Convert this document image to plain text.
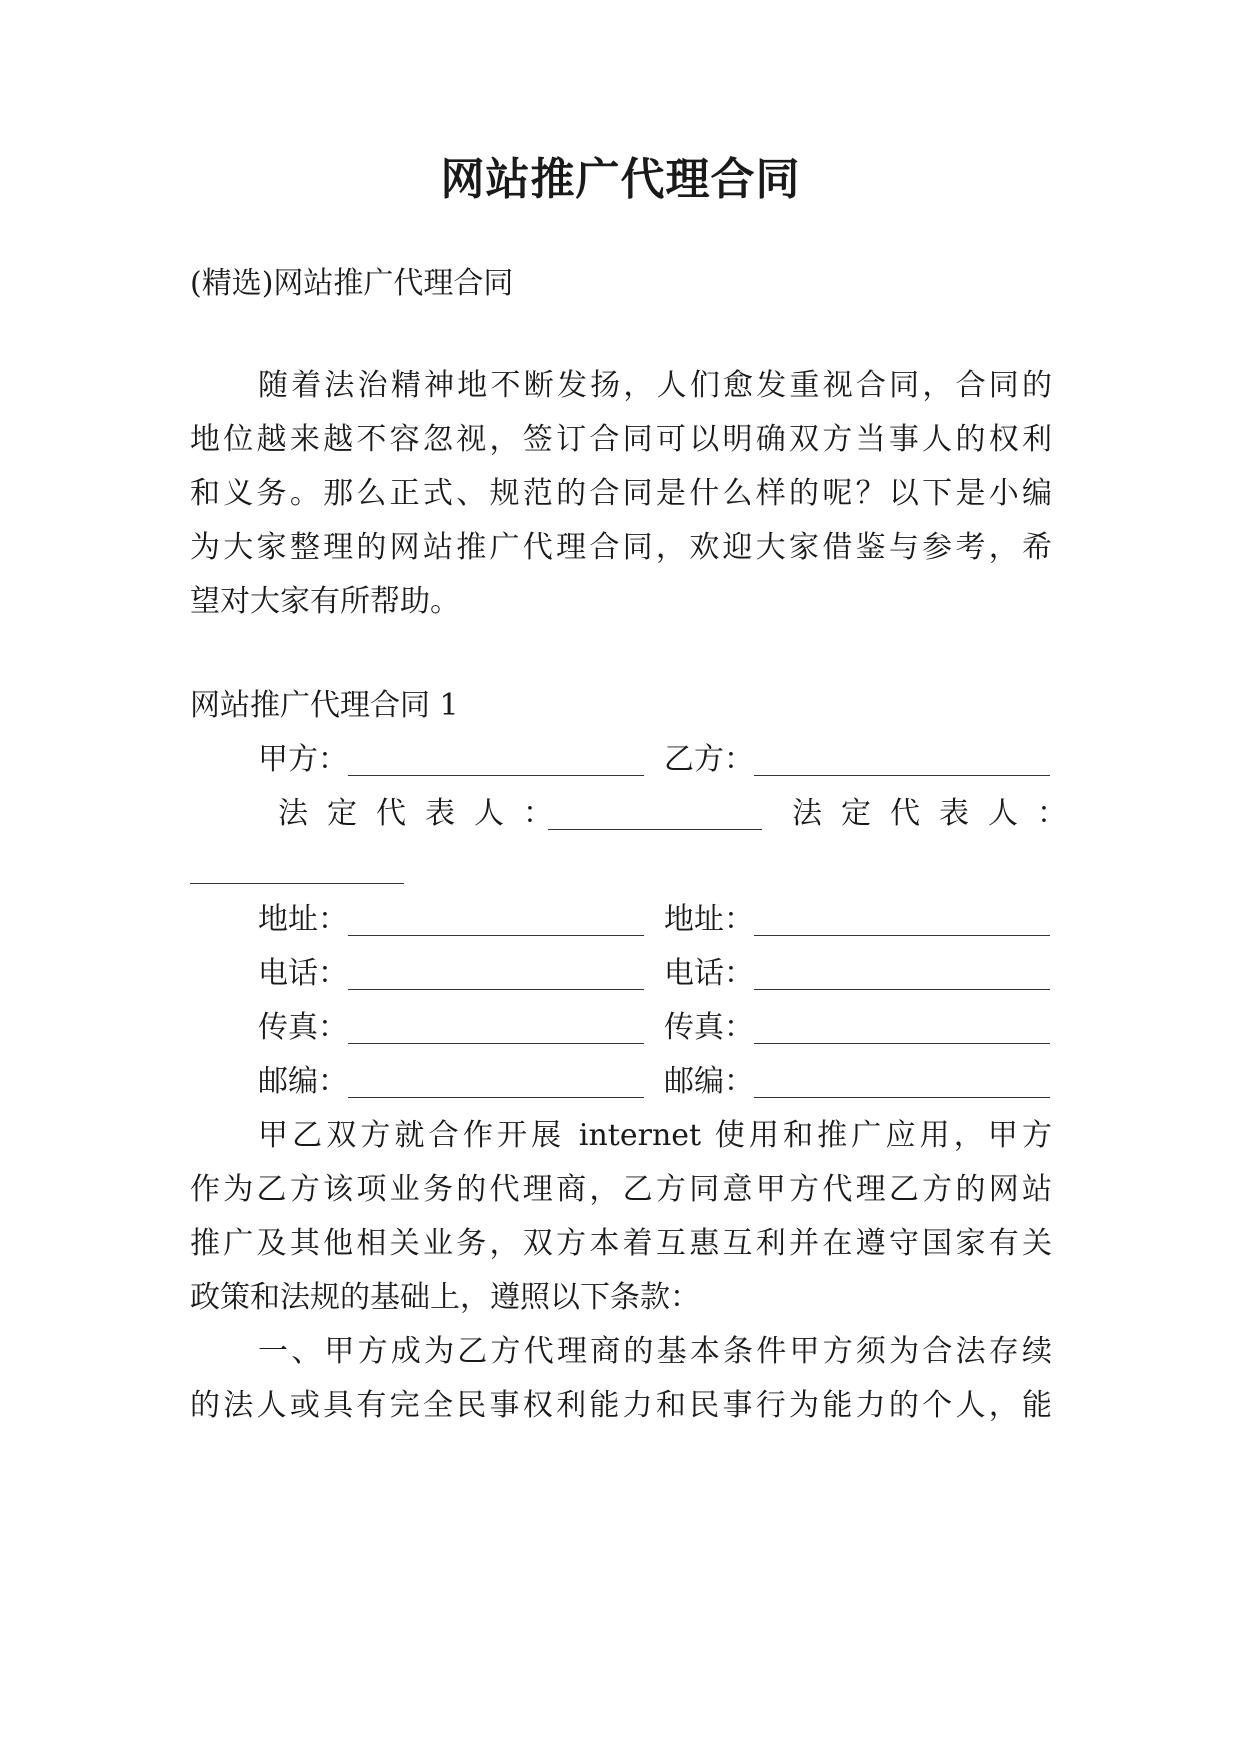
网站推广代理合同
(精选)网站推广代理合同
随着法治精神地不断发扬，人们愈发重视合同，合同的
地位越来越不容忽视，签订合同可以明确双方当事人的权利
和义务。那么正式、规范的合同是什么样的呢？以下是小编
为大家整理的网站推广代理合同，欢迎大家借鉴与参考，希
望对大家有所帮助。
网站推广代理合同 1
甲方：	乙方：
法定代表人：	法定代表人：
地址：	地址：
电话：	电话：
传真：	传真：
邮编：	邮编：
甲乙双方就合作开展 internet 使用和推广应用，甲方
作为乙方该项业务的代理商，乙方同意甲方代理乙方的网站
推广及其他相关业务，双方本着互惠互利并在遵守国家有关
政策和法规的基础上，遵照以下条款：
一、甲方成为乙方代理商的基本条件甲方须为合法存续
的法人或具有完全民事权利能力和民事行为能力的个人，能
